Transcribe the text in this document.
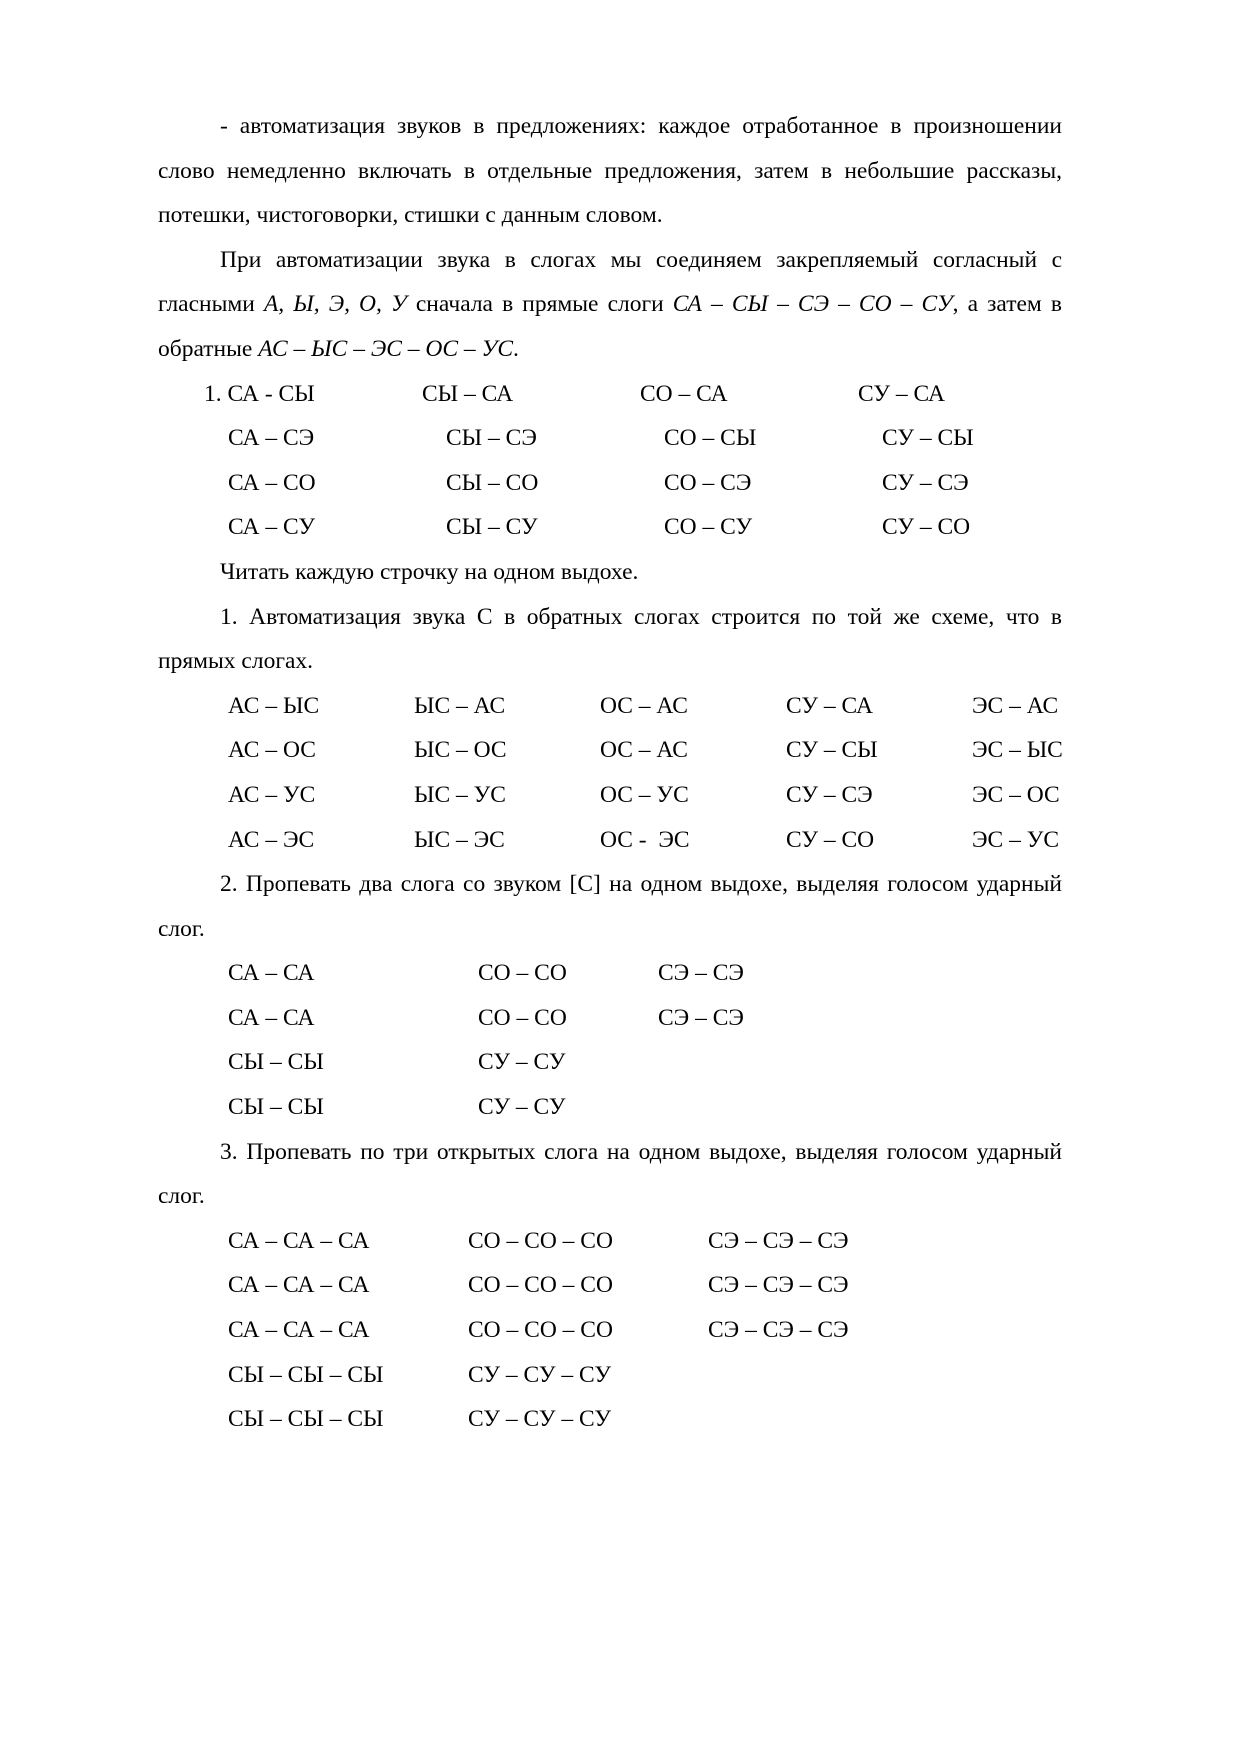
- автоматизация звуков в предложениях: каждое отработанное в произношении слово немедленно включать в отдельные предложения, затем в небольшие рассказы, потешки, чистоговорки, стишки с данным словом.

При автоматизации звука в слогах мы соединяем закрепляемый согласный с гласными А, Ы, Э, О, У сначала в прямые слоги СА – СЫ – СЭ – СО – СУ, а затем в обратные АС – ЫС – ЭС – ОС – УС.

1. СА - СЫ	СЫ – СА	СО – СА	СУ – СА
СА – СЭ	СЫ – СЭ	СО – СЫ	СУ – СЫ
СА – СО	СЫ – СО	СО – СЭ	СУ – СЭ
СА – СУ	СЫ – СУ	СО – СУ	СУ – СО

Читать каждую строчку на одном выдохе.

1. Автоматизация звука С в обратных слогах строится по той же схеме, что в прямых слогах.

АС – ЫС	ЫС – АС	ОС – АС	СУ – СА	ЭС – АС
АС – ОС	ЫС – ОС	ОС – АС	СУ – СЫ	ЭС – ЫС
АС – УС	ЫС – УС	ОС – УС	СУ – СЭ	ЭС – ОС
АС – ЭС	ЫС – ЭС	ОС -  ЭС	СУ – СО	ЭС – УС

2. Пропевать два слога со звуком [С] на одном выдохе, выделяя голосом ударный слог.

СА – СА	СО – СО	СЭ – СЭ
СА – СА	СО – СО	СЭ – СЭ
СЫ – СЫ	СУ – СУ
СЫ – СЫ	СУ – СУ

3. Пропевать по три открытых слога на одном выдохе, выделяя голосом ударный слог.

СА – СА – СА	СО – СО – СО	СЭ – СЭ – СЭ
СА – СА – СА	СО – СО – СО	СЭ – СЭ – СЭ
СА – СА – СА	СО – СО – СО	СЭ – СЭ – СЭ
СЫ – СЫ – СЫ	СУ – СУ – СУ
СЫ – СЫ – СЫ	СУ – СУ – СУ
